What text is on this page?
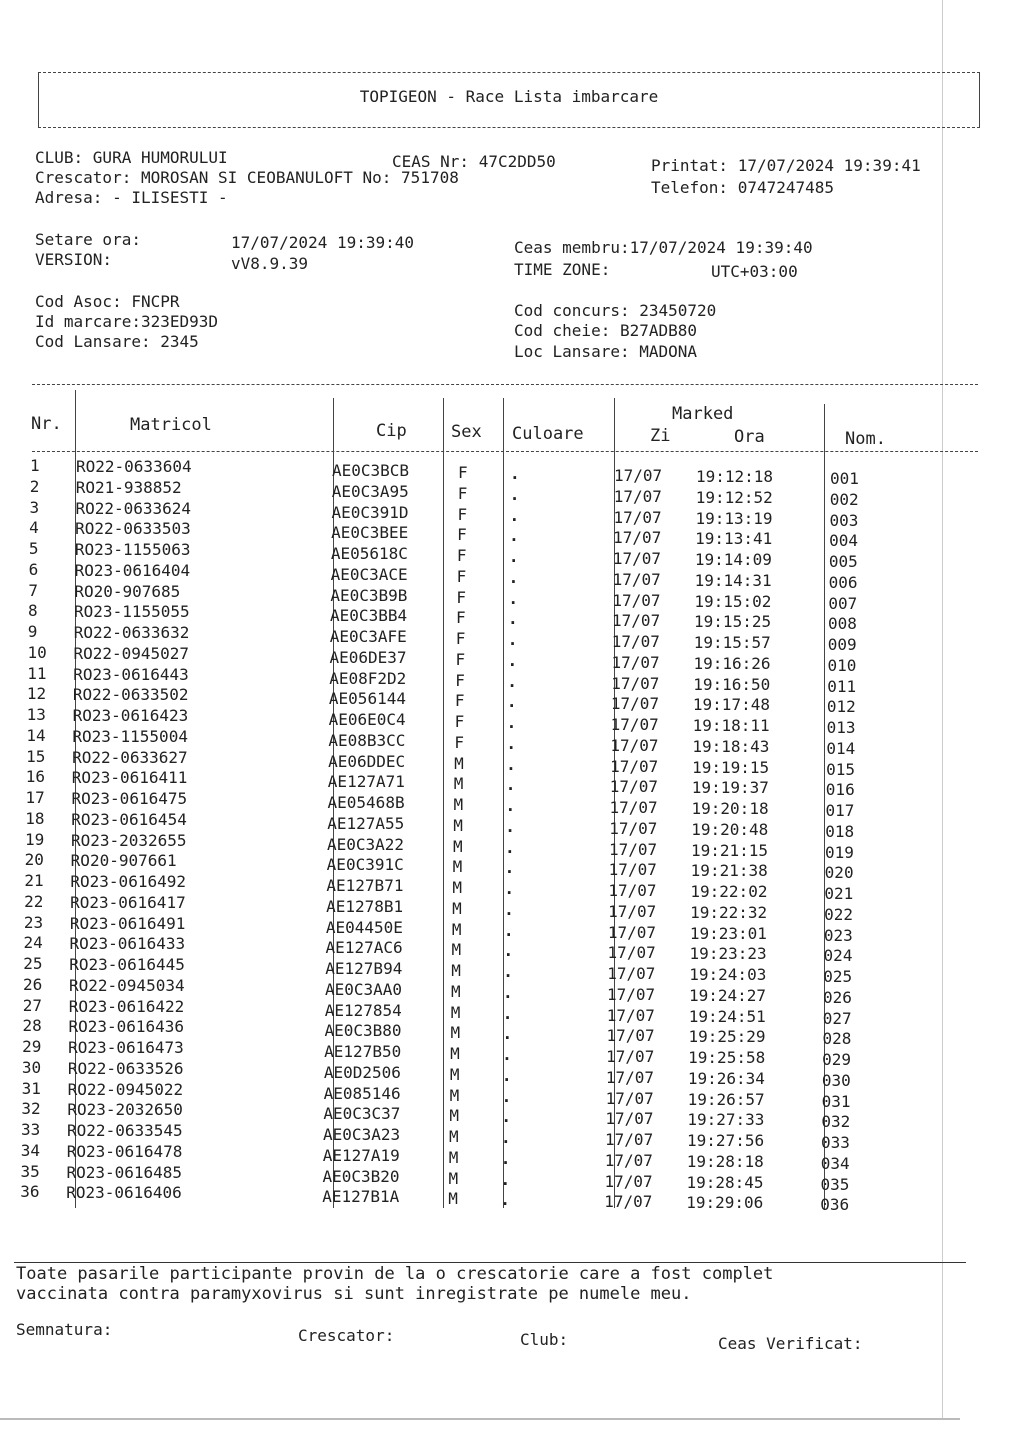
TOPIGEON - Race Lista imbarcare
CLUB: GURA HUMORULUI	CEAS Nr: 47C2DD50	Printat: 17/07/2024 19:39:41
Crescator: MOROSAN SI CEOBANULOFT No: 751708
Telefon: 0747247485
Adresa: - ILISESTI -
Setare ora:	17/07/2024 19:39:40
VERSION:	vV8.9.39
Ceas membru:17/07/2024 19:39:40
TIME ZONE:	UTC+03:00
Cod Asoc: FNCPR
Id marcare:323ED93D
Cod Lansare: 2345
Cod concurs: 23450720
Cod cheie: B27ADB80
Loc Lansare: MADONA
Nr.	Matricol	Cip	Sex Culoare
Marked
Zi	Ora	Nom.
1 RO22-0633604	AE0C3BCB	F	.	17/07 19:12:18	001
2 RO21-938852	AE0C3A95	F	.	17/07 19:12:52	002
3 RO22-0633624	AE0C391D	F	.	17/07 19:13:19	003
4 RO22-0633503	AE0C3BEE	F	.	17/07 19:13:41	004
5 RO23-1155063	AE05618C	F	.	17/07 19:14:09	005
6 RO23-0616404	AE0C3ACE	F	.	17/07 19:14:31	006
7 RO20-907685	AE0C3B9B	F	.	17/07 19:15:02	007
8 RO23-1155055	AE0C3BB4	F	.	17/07 19:15:25	008
9 RO22-0633632	AE0C3AFE	F	.	17/07 19:15:57	009
10 RO22-0945027	AE06DE37	F	.	17/07 19:16:26	010
11 RO23-0616443	AE08F2D2	F	.	17/07 19:16:50	011
12 RO22-0633502	AE056144	F	.	17/07 19:17:48	012
13 RO23-0616423	AE06E0C4	F	.	17/07 19:18:11	013
14 RO23-1155004	AE08B3CC	F	.	17/07 19:18:43	014
15 RO22-0633627	AE06DDEC	M	.	17/07 19:19:15	015
16 RO23-0616411	AE127A71	M	.	17/07 19:19:37	016
17 RO23-0616475	AE05468B	M	.	17/07 19:20:18	017
18 RO23-0616454	AE127A55	M	.	17/07 19:20:48	018
19 RO23-2032655	AE0C3A22	M	.	17/07 19:21:15	019
20 RO20-907661	AE0C391C	M	.	17/07 19:21:38	020
21 RO23-0616492	AE127B71	M	.	17/07 19:22:02	021
22 RO23-0616417	AE1278B1	M	.	17/07 19:22:32	022
23 RO23-0616491	AE04450E	M	.	17/07 19:23:01	023
24 RO23-0616433	AE127AC6	M	.	17/07 19:23:23	024
25 RO23-0616445	AE127B94	M	.	17/07 19:24:03	025
26 RO22-0945034	AE0C3AA0	M	.	17/07 19:24:27	026
27 RO23-0616422	AE127854	M	.	17/07 19:24:51	027
28 RO23-0616436	AE0C3B80	M	.	17/07 19:25:29	028
29 RO23-0616473	AE127B50	M	.	17/07 19:25:58	029
30 RO22-0633526	AE0D2506	M	.	17/07 19:26:34	030
31 RO22-0945022	AE085146	M	.	17/07 19:26:57	031
32 RO23-2032650	AE0C3C37	M	.	17/07 19:27:33	032
33 RO22-0633545	AE0C3A23	M	.	17/07 19:27:56	033
34 RO23-0616478	AE127A19	M	.	17/07 19:28:18	034
35 RO23-0616485	AE0C3B20	M	.	17/07 19:28:45	035
36 RO23-0616406	AE127B1A	M	.	17/07 19:29:06	036
Toate pasarile participante provin de la o crescatorie care a fost complet
vaccinata contra paramyxovirus si sunt inregistrate pe numele meu.
Semnatura:	Crescator:	Club:	Ceas Verificat:
